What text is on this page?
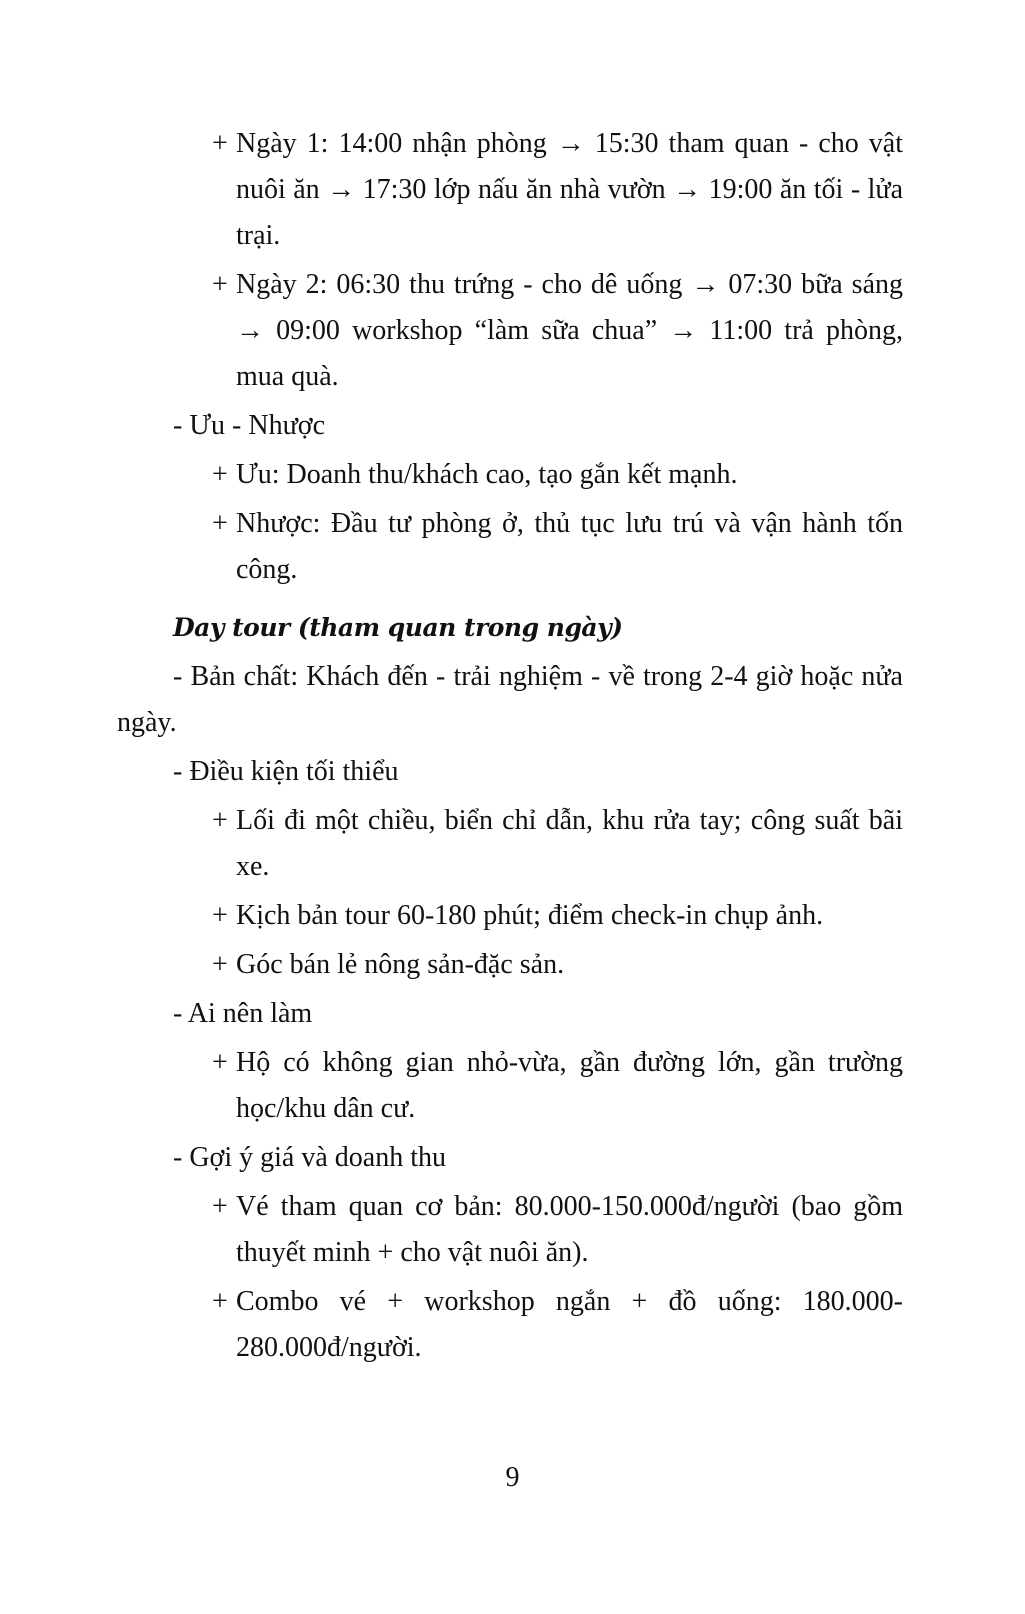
+ Ngày 1: 14:00 nhận phòng → 15:30 tham quan - cho vật nuôi ăn → 17:30 lớp nấu ăn nhà vườn → 19:00 ăn tối - lửa trại.

+ Ngày 2: 06:30 thu trứng - cho dê uống → 07:30 bữa sáng → 09:00 workshop “làm sữa chua” → 11:00 trả phòng, mua quà.

- Ưu - Nhược

+ Ưu: Doanh thu/khách cao, tạo gắn kết mạnh.

+ Nhược: Đầu tư phòng ở, thủ tục lưu trú và vận hành tốn công.

Day tour (tham quan trong ngày)

- Bản chất: Khách đến - trải nghiệm - về trong 2-4 giờ hoặc nửa ngày.

- Điều kiện tối thiểu

+ Lối đi một chiều, biển chỉ dẫn, khu rửa tay; công suất bãi xe.

+ Kịch bản tour 60-180 phút; điểm check-in chụp ảnh.

+ Góc bán lẻ nông sản-đặc sản.

- Ai nên làm

+ Hộ có không gian nhỏ-vừa, gần đường lớn, gần trường học/khu dân cư.

- Gợi ý giá và doanh thu

+ Vé tham quan cơ bản: 80.000-150.000đ/người (bao gồm thuyết minh + cho vật nuôi ăn).

+ Combo vé + workshop ngắn + đồ uống: 180.000-280.000đ/người.

9
